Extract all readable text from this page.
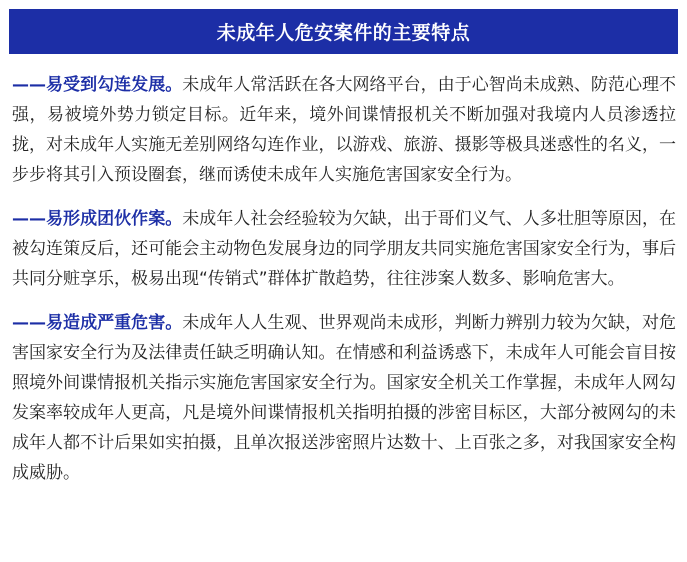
未成年人危安案件的主要特点

——易受到勾连发展。未成年人常活跃在各大网络平台，由于心智尚未成熟、防范心理不强，易被境外势力锁定目标。近年来，境外间谍情报机关不断加强对我境内人员渗透拉拢，对未成年人实施无差别网络勾连作业，以游戏、旅游、摄影等极具迷惑性的名义，一步步将其引入预设圈套，继而诱使未成年人实施危害国家安全行为。

——易形成团伙作案。未成年人社会经验较为欠缺，出于哥们义气、人多壮胆等原因，在被勾连策反后，还可能会主动物色发展身边的同学朋友共同实施危害国家安全行为，事后共同分赃享乐，极易出现“传销式”群体扩散趋势，往往涉案人数多、影响危害大。

——易造成严重危害。未成年人人生观、世界观尚未成形，判断力辨别力较为欠缺，对危害国家安全行为及法律责任缺乏明确认知。在情感和利益诱惑下，未成年人可能会盲目按照境外间谍情报机关指示实施危害国家安全行为。国家安全机关工作掌握，未成年人网勾发案率较成年人更高，凡是境外间谍情报机关指明拍摄的涉密目标区，大部分被网勾的未成年人都不计后果如实拍摄，且单次报送涉密照片达数十、上百张之多，对我国家安全构成威胁。
